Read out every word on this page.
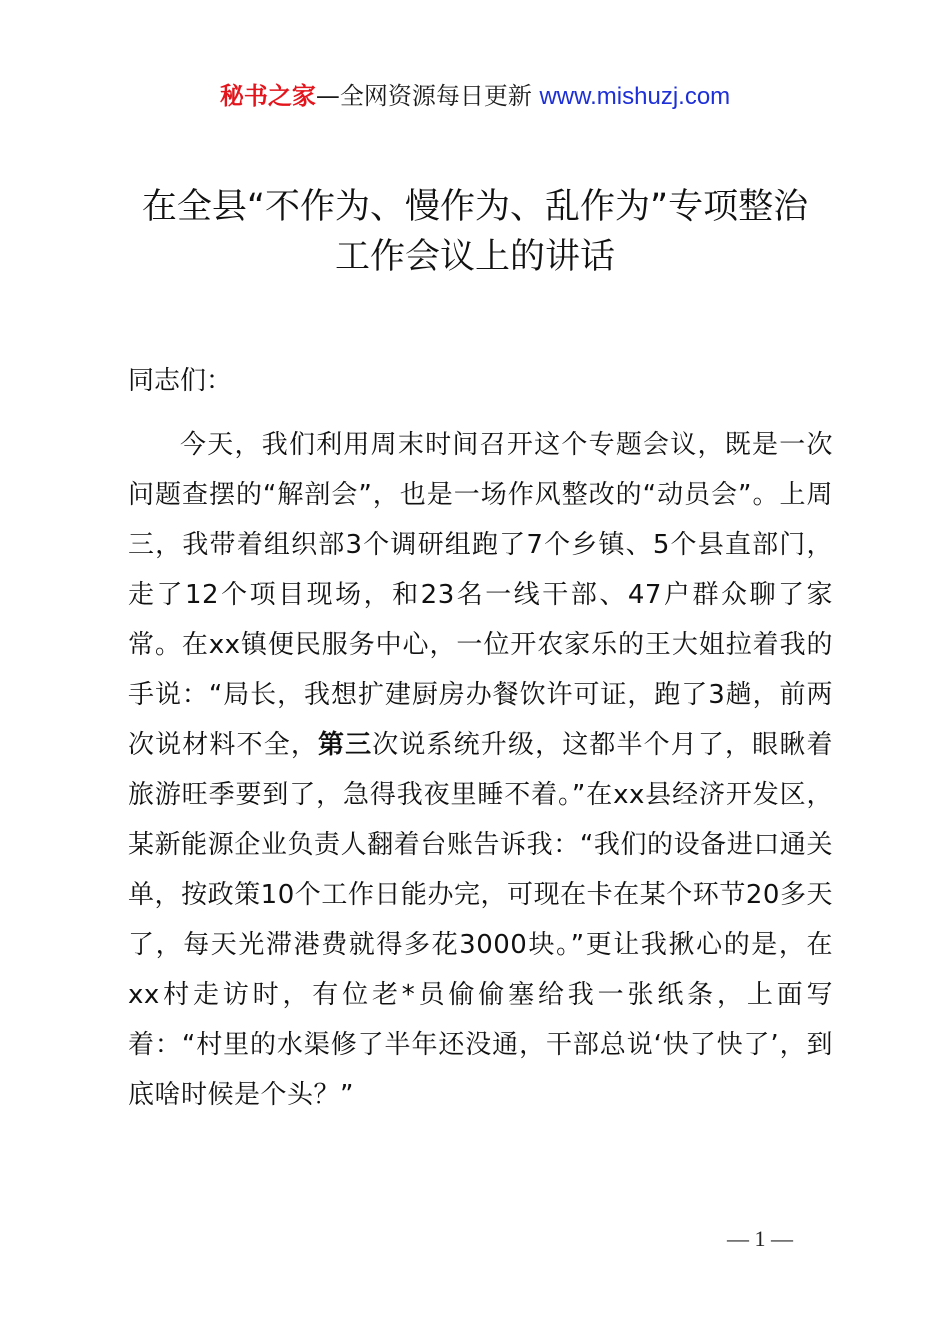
秘书之家—全网资源每日更新 www.mishuzj.com
在全县“不作为、慢作为、乱作为”专项整治
工作会议上的讲话
同志们：
今天，我们利用周末时间召开这个专题会议，既是一次问题查摆的“解剖会”，也是一场作风整改的“动员会”。上周三，我带着组织部3个调研组跑了7个乡镇、5个县直部门，走了12个项目现场，和23名一线干部、47户群众聊了家常。在xx镇便民服务中心，一位开农家乐的王大姐拉着我的手说：“局长，我想扩建厨房办餐饮许可证，跑了3趟，前两次说材料不全，第三次说系统升级，这都半个月了，眼瞅着旅游旺季要到了，急得我夜里睡不着。”在xx县经济开发区，某新能源企业负责人翻着台账告诉我：“我们的设备进口通关单，按政策10个工作日能办完，可现在卡在某个环节20多天了，每天光滞港费就得多花3000块。”更让我揪心的是，在xx村走访时，有位老*员偷偷塞给我一张纸条，上面写着：“村里的水渠修了半年还没通，干部总说‘快了快了’，到底啥时候是个头？”
— 1 —
